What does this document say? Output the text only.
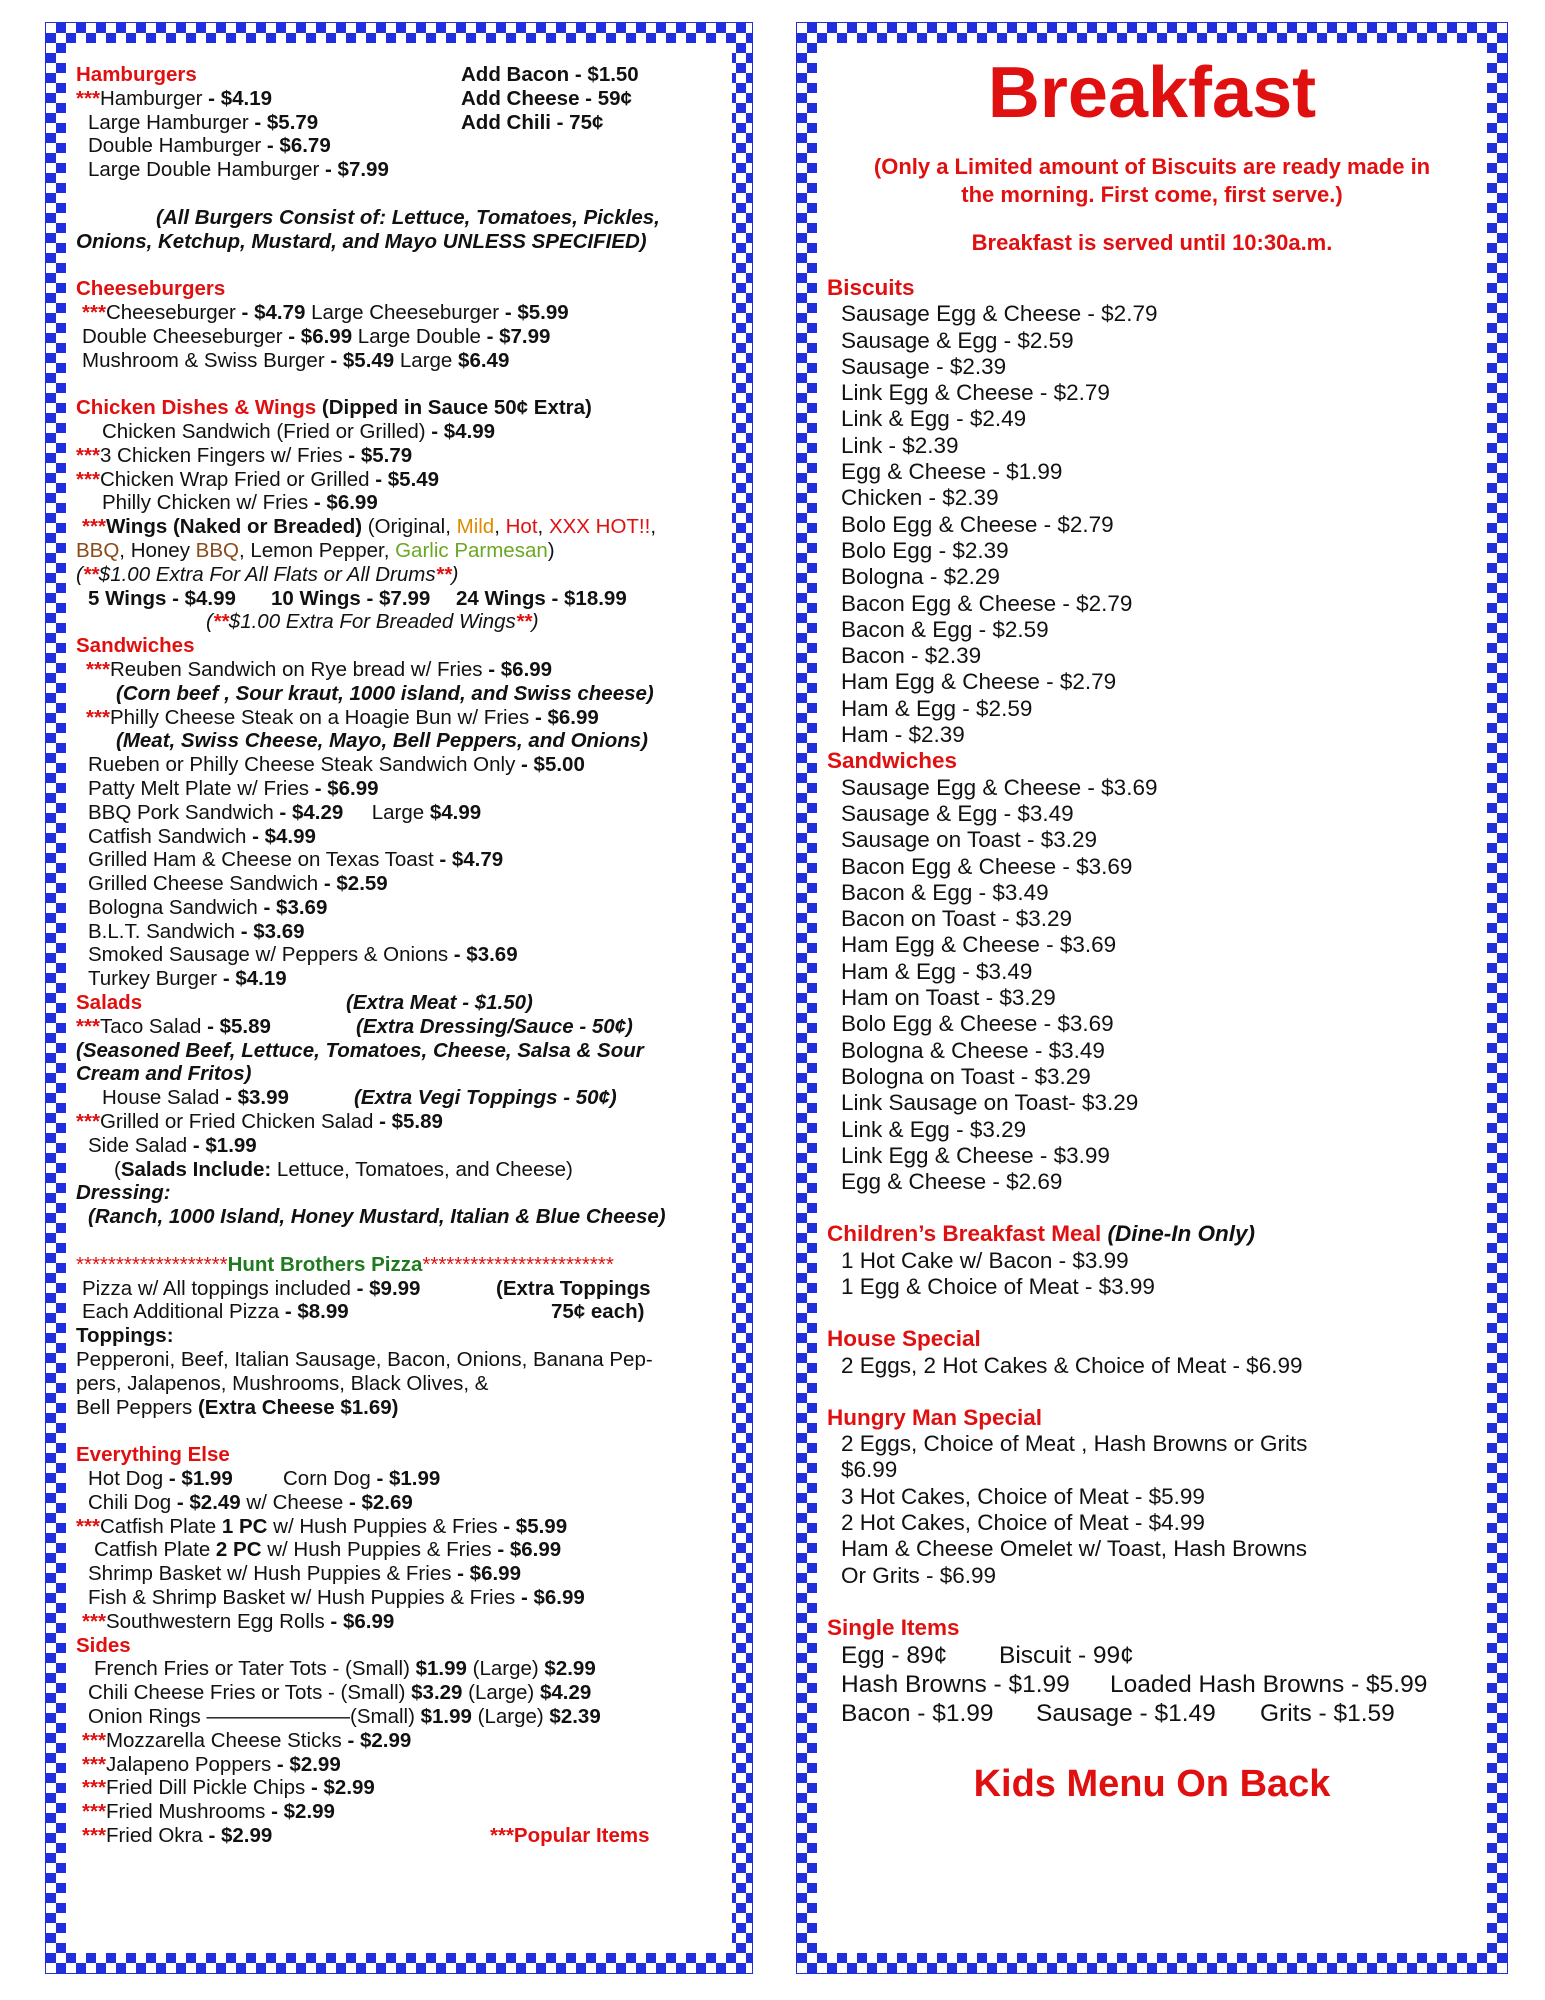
Hamburgers	Add Bacon - $1.50
***Hamburger - $4.19	Add Cheese - 59¢
Large Hamburger - $5.79	Add Chili - 75¢
Double Hamburger - $6.79
Large Double Hamburger - $7.99
(All Burgers Consist of: Lettuce, Tomatoes, Pickles,
Onions, Ketchup, Mustard, and Mayo UNLESS SPECIFIED)
Cheeseburgers
***Cheeseburger - $4.79 Large Cheeseburger - $5.99
Double Cheeseburger - $6.99 Large Double - $7.99
Mushroom & Swiss Burger - $5.49 Large $6.49
Chicken Dishes & Wings (Dipped in Sauce 50¢ Extra)
Chicken Sandwich (Fried or Grilled) - $4.99
***3 Chicken Fingers w/ Fries - $5.79
***Chicken Wrap Fried or Grilled - $5.49
Philly Chicken w/ Fries - $6.99
***Wings (Naked or Breaded) (Original, Mild, Hot, XXX HOT!!,
BBQ, Honey BBQ, Lemon Pepper, Garlic Parmesan)
(**$1.00 Extra For All Flats or All Drums**)
5 Wings - $4.99 10 Wings - $7.99 24 Wings - $18.99
(**$1.00 Extra For Breaded Wings**)
Sandwiches
***Reuben Sandwich on Rye bread w/ Fries - $6.99
(Corn beef , Sour kraut, 1000 island, and Swiss cheese)
***Philly Cheese Steak on a Hoagie Bun w/ Fries - $6.99
(Meat, Swiss Cheese, Mayo, Bell Peppers, and Onions)
Rueben or Philly Cheese Steak Sandwich Only - $5.00
Patty Melt Plate w/ Fries - $6.99
BBQ Pork Sandwich - $4.29     Large $4.99
Catfish Sandwich - $4.99
Grilled Ham & Cheese on Texas Toast - $4.79
Grilled Cheese Sandwich - $2.59
Bologna Sandwich - $3.69
B.L.T. Sandwich - $3.69
Smoked Sausage w/ Peppers & Onions - $3.69
Turkey Burger - $4.19
Salads	(Extra Meat - $1.50)
***Taco Salad - $5.89	(Extra Dressing/Sauce - 50¢)
(Seasoned Beef, Lettuce, Tomatoes, Cheese, Salsa & Sour
Cream and Fritos)
House Salad - $3.99	(Extra Vegi Toppings - 50¢)
***Grilled or Fried Chicken Salad - $5.89
Side Salad - $1.99
(Salads Include: Lettuce, Tomatoes, and Cheese)
Dressing:
(Ranch, 1000 Island, Honey Mustard, Italian & Blue Cheese)
*******************Hunt Brothers Pizza************************
Pizza w/ All toppings included - $9.99	(Extra Toppings
Each Additional Pizza - $8.99	75¢ each)
Toppings:
Pepperoni, Beef, Italian Sausage, Bacon, Onions, Banana Pep-
pers, Jalapenos, Mushrooms, Black Olives, &
Bell Peppers (Extra Cheese $1.69)
Everything Else
Hot Dog - $1.99 Corn Dog - $1.99
Chili Dog - $2.49 w/ Cheese - $2.69
***Catfish Plate 1 PC w/ Hush Puppies & Fries - $5.99
Catfish Plate 2 PC w/ Hush Puppies & Fries - $6.99
Shrimp Basket w/ Hush Puppies & Fries - $6.99
Fish & Shrimp Basket w/ Hush Puppies & Fries - $6.99
***Southwestern Egg Rolls - $6.99
Sides
French Fries or Tater Tots - (Small) $1.99 (Large) $2.99
Chili Cheese Fries or Tots - (Small) $3.29 (Large) $4.29
Onion Rings ———————(Small) $1.99 (Large) $2.39
***Mozzarella Cheese Sticks - $2.99
***Jalapeno Poppers - $2.99
***Fried Dill Pickle Chips - $2.99
***Fried Mushrooms - $2.99
***Fried Okra - $2.99	***Popular Items
Breakfast
(Only a Limited amount of Biscuits are ready made in
the morning. First come, first serve.)
Breakfast is served until 10:30a.m.
Biscuits
Sausage Egg & Cheese - $2.79
Sausage & Egg - $2.59
Sausage - $2.39
Link Egg & Cheese - $2.79
Link & Egg - $2.49
Link - $2.39
Egg & Cheese - $1.99
Chicken - $2.39
Bolo Egg & Cheese - $2.79
Bolo Egg - $2.39
Bologna - $2.29
Bacon Egg & Cheese - $2.79
Bacon & Egg - $2.59
Bacon - $2.39
Ham Egg & Cheese - $2.79
Ham & Egg - $2.59
Ham - $2.39
Sandwiches
Sausage Egg & Cheese - $3.69
Sausage & Egg - $3.49
Sausage on Toast - $3.29
Bacon Egg & Cheese - $3.69
Bacon & Egg - $3.49
Bacon on Toast - $3.29
Ham Egg & Cheese - $3.69
Ham & Egg - $3.49
Ham on Toast - $3.29
Bolo Egg & Cheese - $3.69
Bologna & Cheese - $3.49
Bologna on Toast - $3.29
Link Sausage on Toast- $3.29
Link & Egg - $3.29
Link Egg & Cheese - $3.99
Egg & Cheese - $2.69
Children’s Breakfast Meal (Dine-In Only)
1 Hot Cake w/ Bacon - $3.99
1 Egg & Choice of Meat - $3.99
House Special
2 Eggs, 2 Hot Cakes & Choice of Meat - $6.99
Hungry Man Special
2 Eggs, Choice of Meat , Hash Browns or Grits
$6.99
3 Hot Cakes, Choice of Meat - $5.99
2 Hot Cakes, Choice of Meat - $4.99
Ham & Cheese Omelet w/ Toast, Hash Browns
Or Grits - $6.99
Single Items
Egg - 89¢ Biscuit - 99¢
Hash Browns - $1.99 Loaded Hash Browns - $5.99
Bacon - $1.99 Sausage - $1.49 Grits - $1.59
Kids Menu On Back
